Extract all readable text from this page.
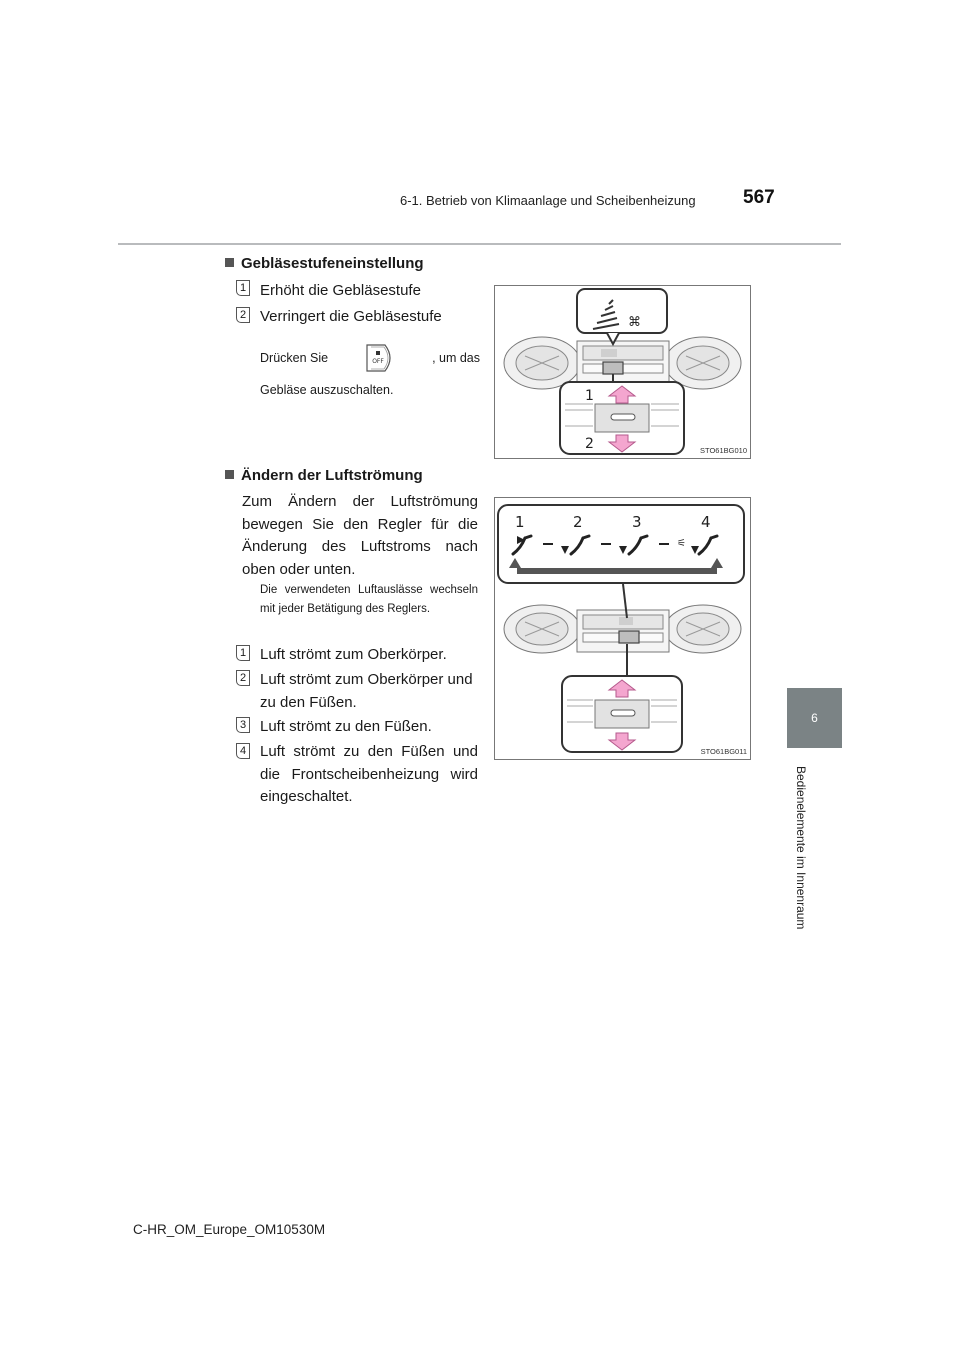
6-1. Betrieb von Klimaanlage und Scheibenheizung 567
6
Bedienelemente im Innenraum
Gebläsestufeneinstellung
1 Erhöht die Gebläsestufe
2 Verringert die Gebläsestufe
Drücken Sie	OFF	, um das
Gebläse auszuschalten.
⌘
1
2	STO61BG010
Ändern der Luftströmung
Zum Ändern der Luftströmung bewegen Sie den Regler für die Änderung des Luftstroms nach oben oder unten.
Die verwendeten Luftauslässe wechseln mit jeder Betätigung des Reglers.
1 Luft strömt zum Oberkörper.
2 Luft strömt zum Oberkörper und zu den Füßen.
3 Luft strömt zu den Füßen.
4 Luft strömt zu den Füßen und die Frontscheibenheizung wird eingeschaltet.
1	2	3	4
⚟
STO61BG011
C-HR_OM_Europe_OM10530M
